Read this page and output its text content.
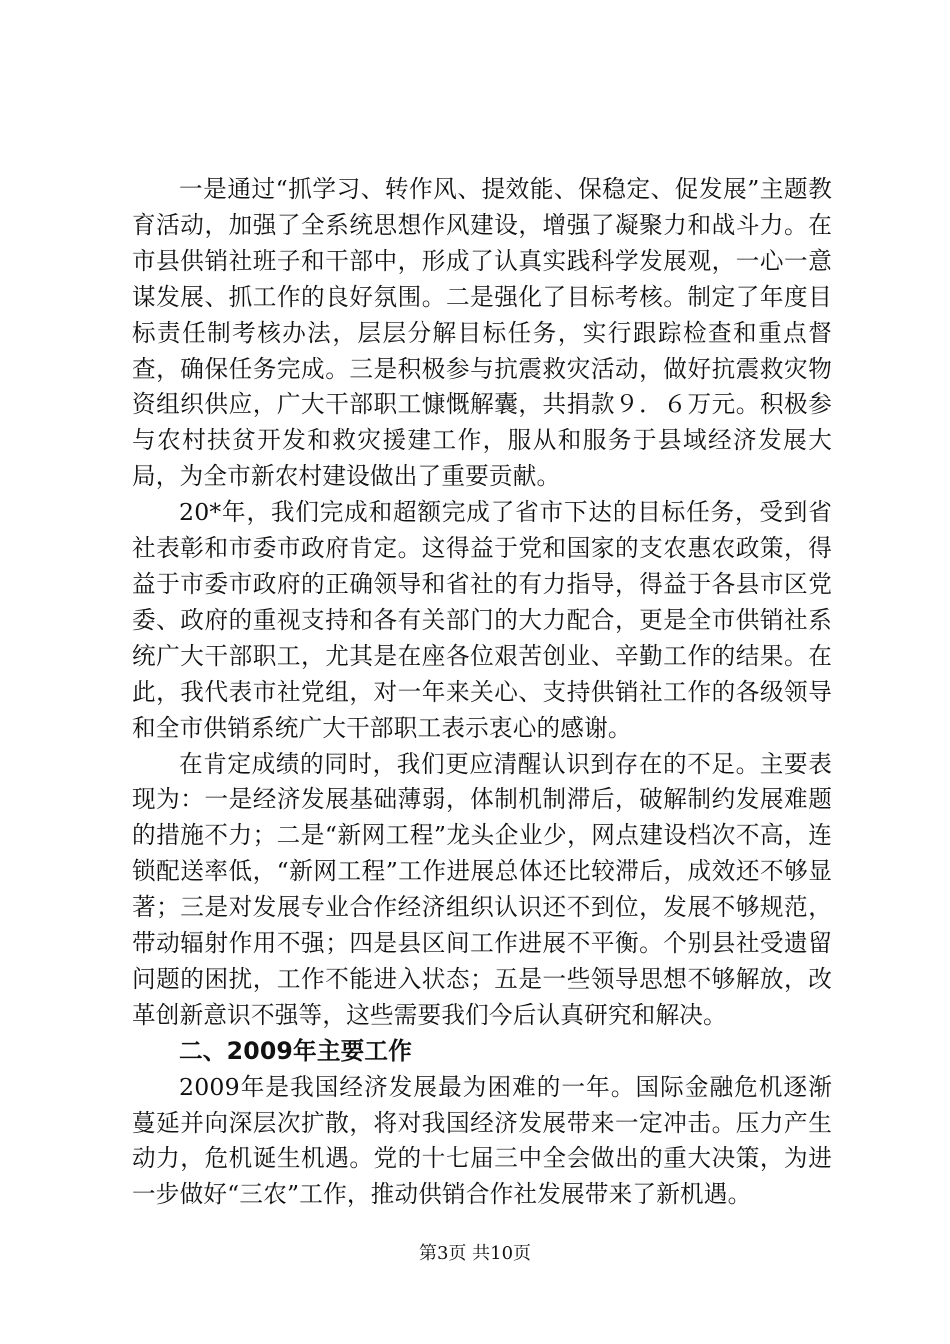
一是通过“抓学习、转作风、提效能、保稳定、促发展”主题教育活动，加强了全系统思想作风建设，增强了凝聚力和战斗力。在市县供销社班子和干部中，形成了认真实践科学发展观，一心一意谋发展、抓工作的良好氛围。二是强化了目标考核。制定了年度目标责任制考核办法，层层分解目标任务，实行跟踪检查和重点督查，确保任务完成。三是积极参与抗震救灾活动，做好抗震救灾物资组织供应，广大干部职工慷慨解囊，共捐款９．６万元。积极参与农村扶贫开发和救灾援建工作，服从和服务于县域经济发展大局，为全市新农村建设做出了重要贡献。

20*年，我们完成和超额完成了省市下达的目标任务，受到省社表彰和市委市政府肯定。这得益于党和国家的支农惠农政策，得益于市委市政府的正确领导和省社的有力指导，得益于各县市区党委、政府的重视支持和各有关部门的大力配合，更是全市供销社系统广大干部职工，尤其是在座各位艰苦创业、辛勤工作的结果。在此，我代表市社党组，对一年来关心、支持供销社工作的各级领导和全市供销系统广大干部职工表示衷心的感谢。

在肯定成绩的同时，我们更应清醒认识到存在的不足。主要表现为：一是经济发展基础薄弱，体制机制滞后，破解制约发展难题的措施不力；二是“新网工程”龙头企业少，网点建设档次不高，连锁配送率低，“新网工程”工作进展总体还比较滞后，成效还不够显著；三是对发展专业合作经济组织认识还不到位，发展不够规范，带动辐射作用不强；四是县区间工作进展不平衡。个别县社受遗留问题的困扰，工作不能进入状态；五是一些领导思想不够解放，改革创新意识不强等，这些需要我们今后认真研究和解决。

二、2009年主要工作

2009年是我国经济发展最为困难的一年。国际金融危机逐渐蔓延并向深层次扩散，将对我国经济发展带来一定冲击。压力产生动力，危机诞生机遇。党的十七届三中全会做出的重大决策，为进一步做好“三农”工作，推动供销合作社发展带来了新机遇。

第3页 共10页
